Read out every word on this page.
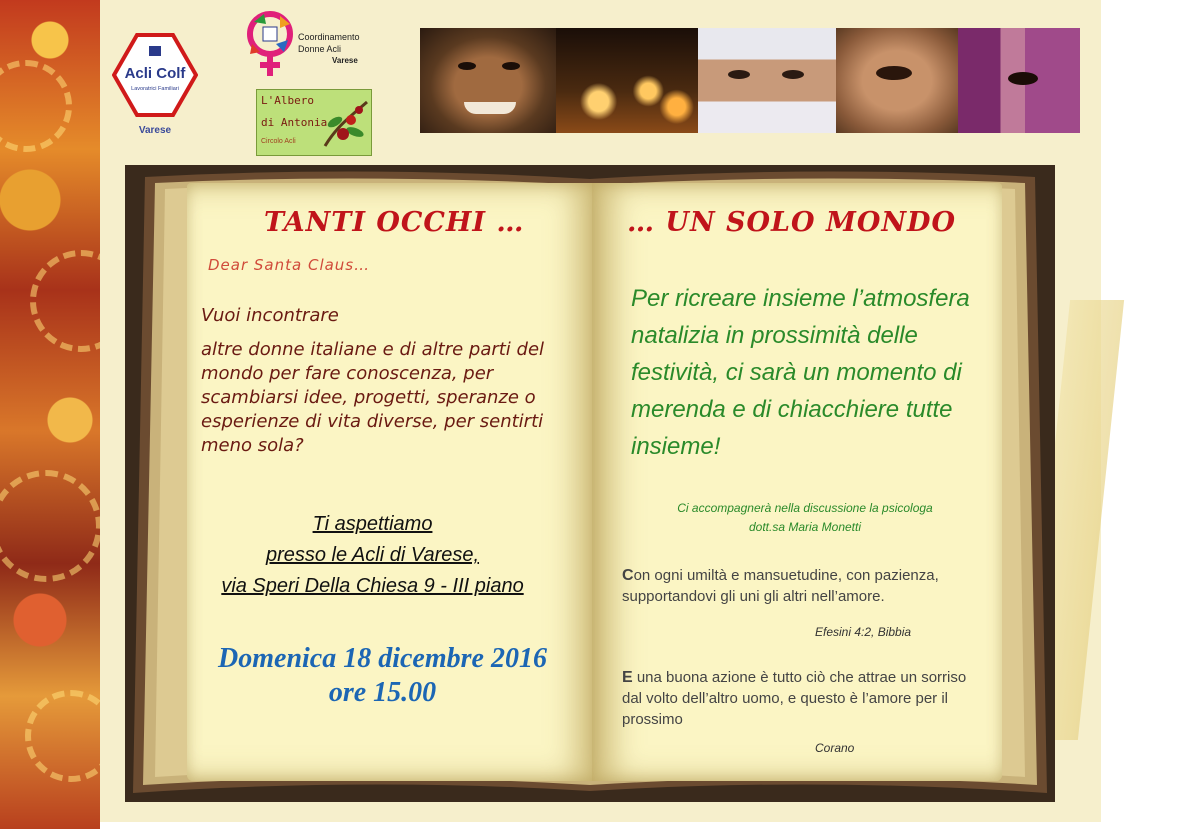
Acli Colf
Lavoratrici Familiari
Varese
Coordinamento
Donne Acli
Varese
L'Albero
di Antonia
Circolo Acli
TANTI OCCHI …	… UN SOLO MONDO
Dear Santa Claus…
Vuoi incontrare
altre donne italiane e di altre parti del mondo per fare conoscenza, per scambiarsi idee, progetti, speranze o esperienze di vita diverse, per sentirti meno sola?
Ti aspettiamo
presso le Acli di Varese,
via Speri Della Chiesa 9 - III piano
Domenica 18 dicembre 2016
ore 15.00
Per ricreare insieme l’atmosfera natalizia in prossimità delle festività, ci sarà un momento di merenda e di chiacchiere tutte insieme!
Ci accompagnerà nella discussione la psicologa
dott.sa Maria Monetti
Con ogni umiltà e mansuetudine, con pazienza, supportandovi gli uni gli altri nell’amore.
Efesini 4:2, Bibbia
E una buona azione è tutto ciò che attrae un sorriso dal volto dell’altro uomo, e questo è l’amore per il prossimo
Corano
